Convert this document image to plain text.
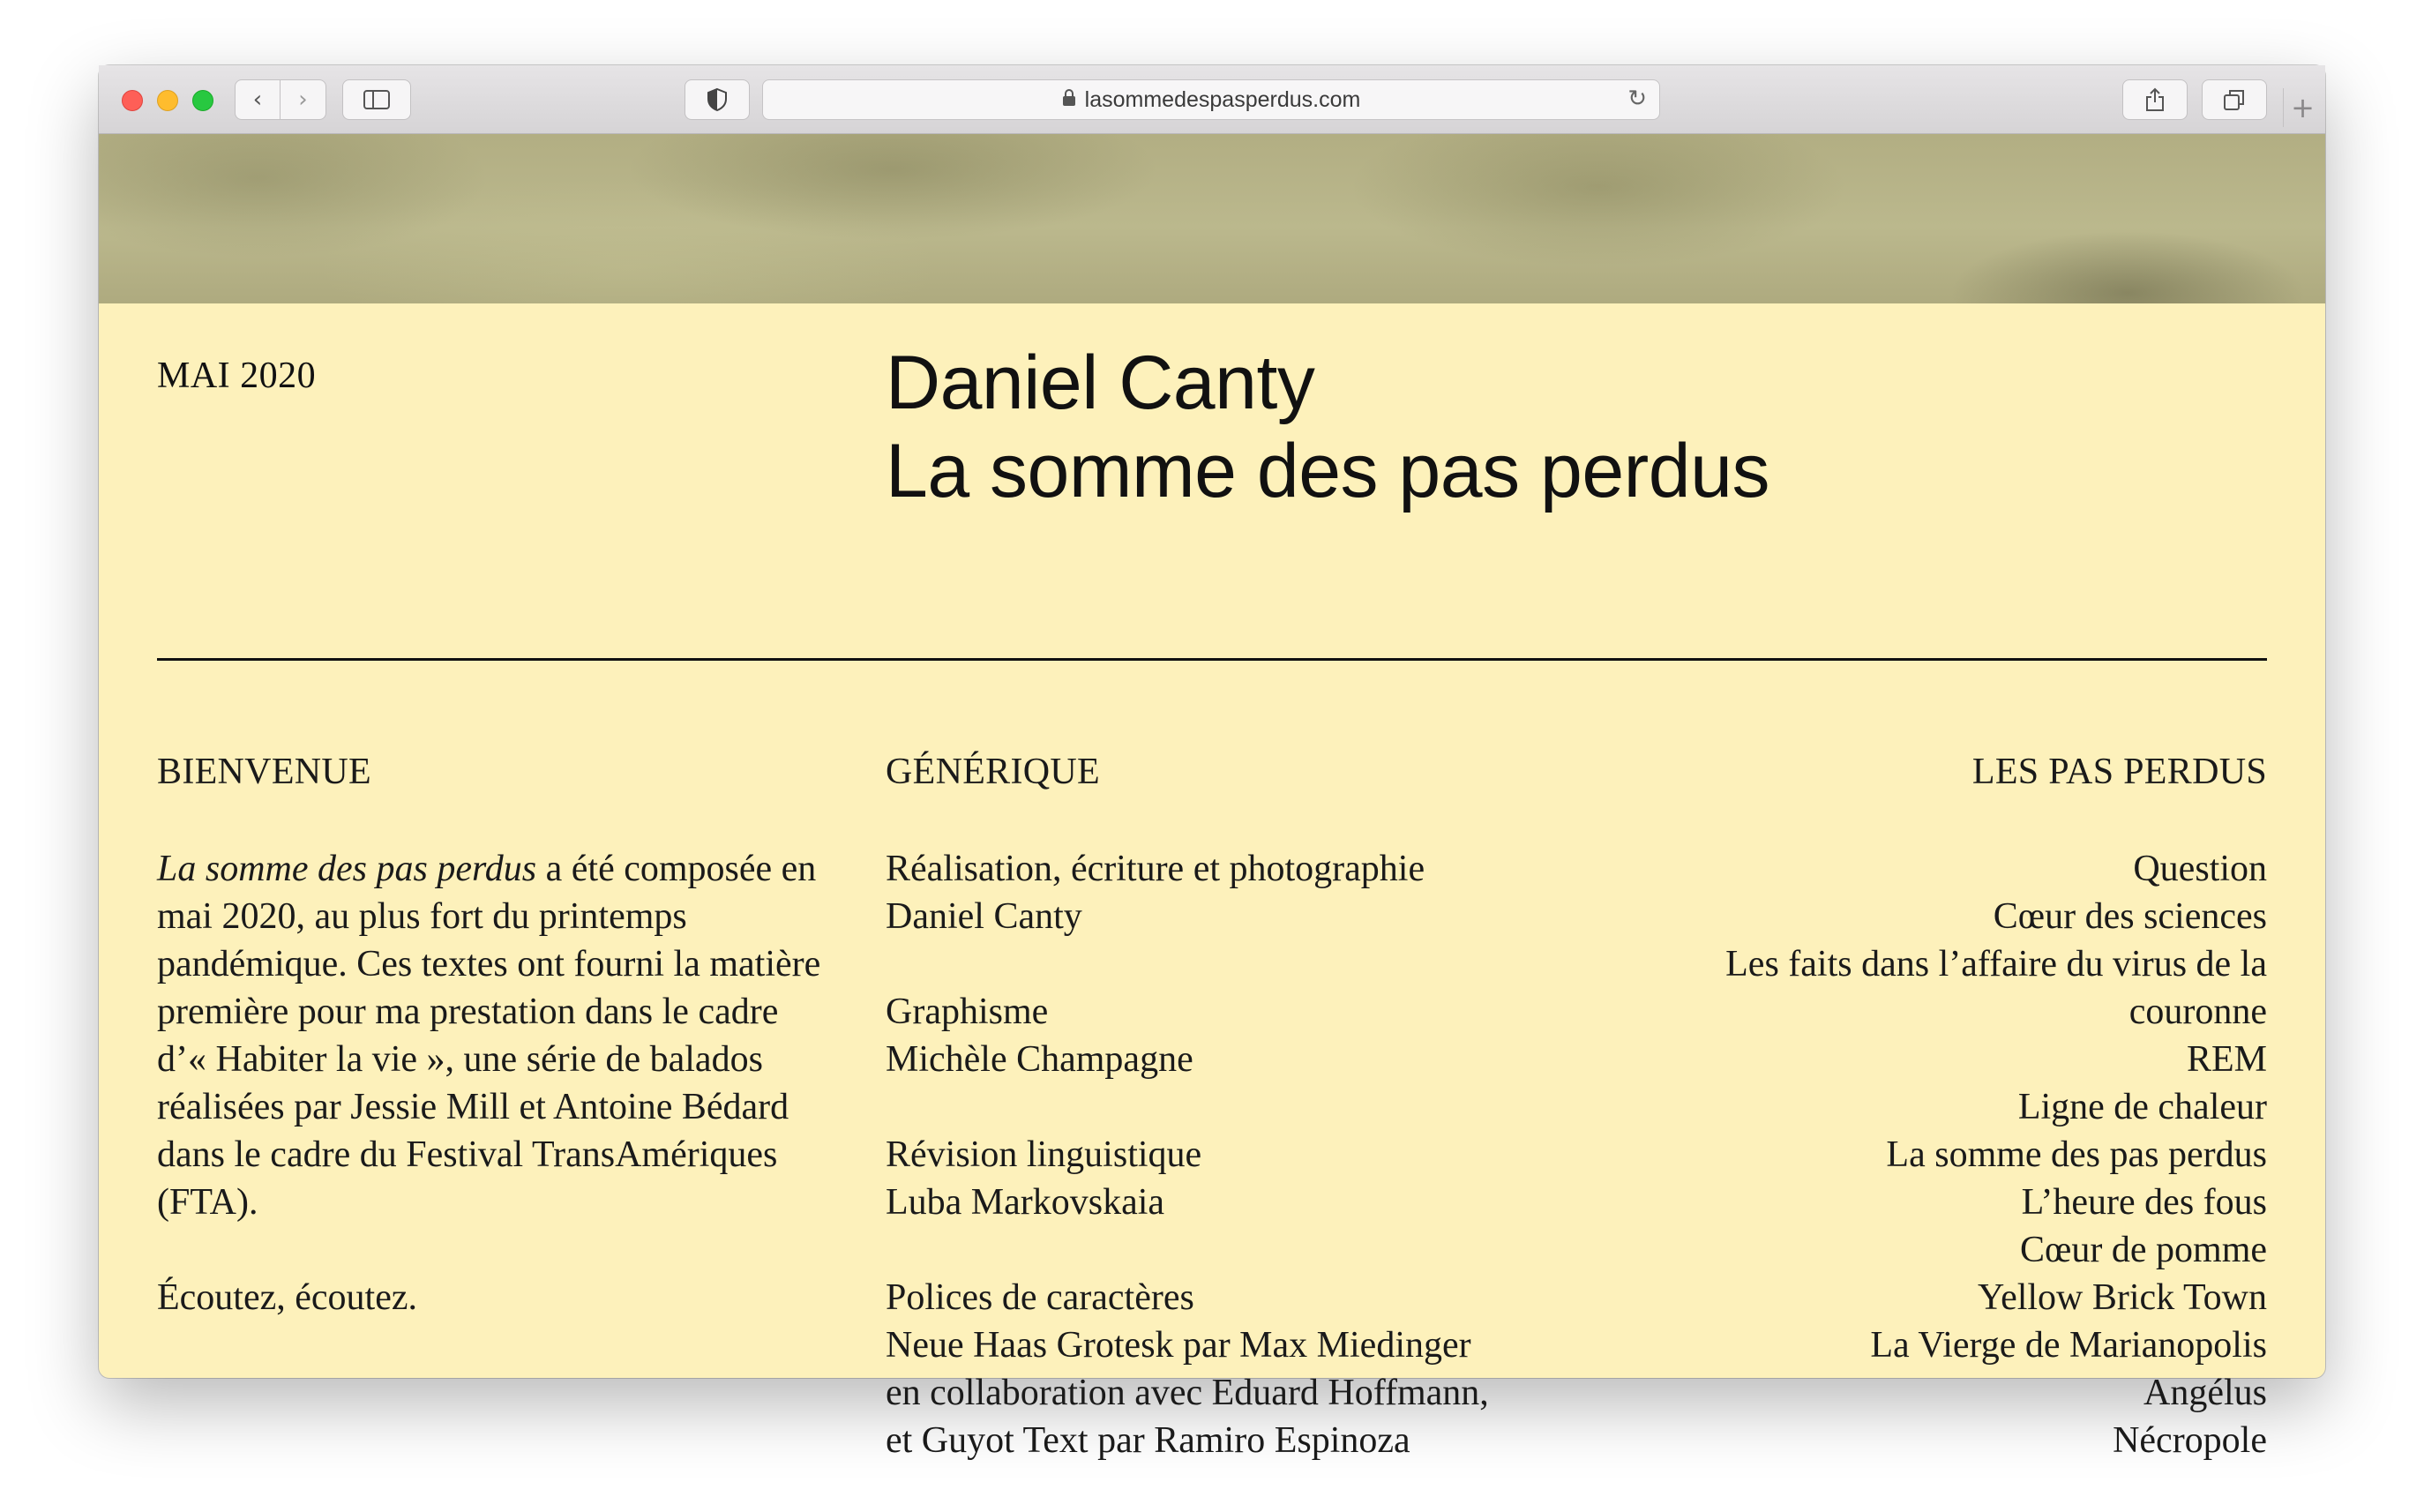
‹ ›	lasommedespasperdus.com	↻	+
MAI 2020	Daniel Canty
La somme des pas perdus
BIENVENUE

La somme des pas perdus a été composée en mai 2020, au plus fort du printemps pandémique. Ces textes ont fourni la matière première pour ma prestation dans le cadre d’« Habiter la vie », une série de balados réalisées par Jessie Mill et Antoine Bédard dans le cadre du Festival TransAmériques (FTA).

Écoutez, écoutez.

GÉNÉRIQUE
Réalisation, écriture et photographie
Daniel Canty
Graphisme
Michèle Champagne
Révision linguistique
Luba Markovskaia
Polices de caractères
Neue Haas Grotesk par Max Miedinger
en collaboration avec Eduard Hoffmann,
et Guyot Text par Ramiro Espinoza
LES PAS PERDUS
Question
Cœur des sciences
Les faits dans l’affaire du virus de la couronne
REM
Ligne de chaleur
La somme des pas perdus
L’heure des fous
Cœur de pomme
Yellow Brick Town
La Vierge de Marianopolis
Angélus
Nécropole
